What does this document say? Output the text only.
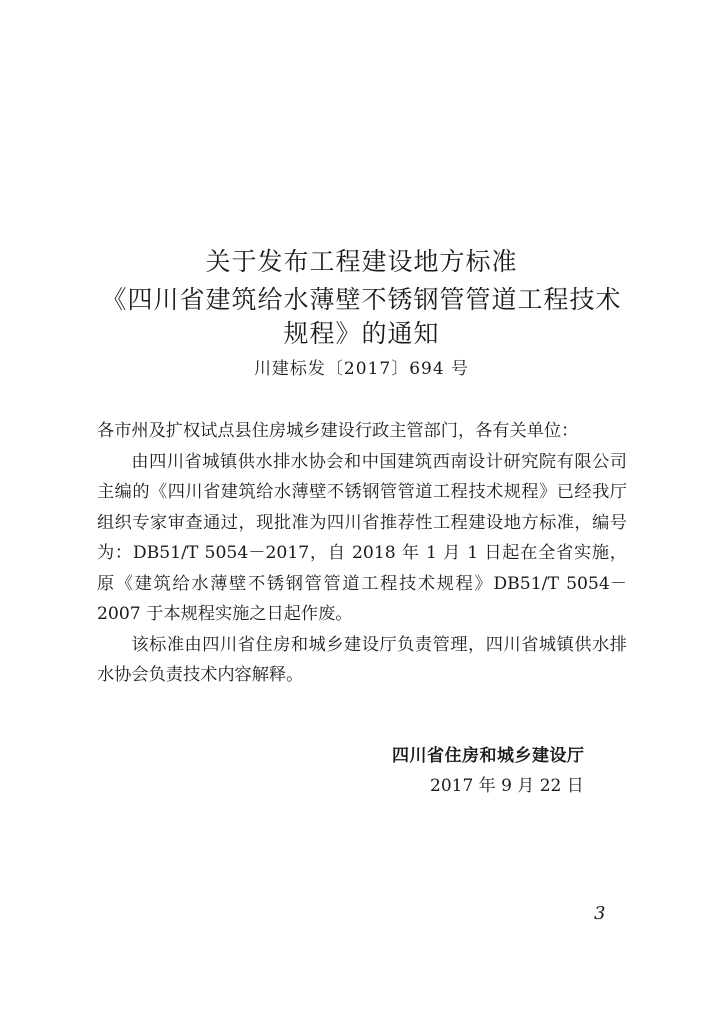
关于发布工程建设地方标准
《四川省建筑给水薄壁不锈钢管管道工程技术
规程》的通知
川建标发〔2017〕694 号

各市州及扩权试点县住房城乡建设行政主管部门，各有关单位：

由四川省城镇供水排水协会和中国建筑西南设计研究院有限公司主编的《四川省建筑给水薄壁不锈钢管管道工程技术规程》已经我厅组织专家审查通过，现批准为四川省推荐性工程建设地方标准，编号为：DB51/T 5054－2017，自 2018 年 1 月 1 日起在全省实施，原《建筑给水薄壁不锈钢管管道工程技术规程》DB51/T 5054－2007 于本规程实施之日起作废。

该标准由四川省住房和城乡建设厅负责管理，四川省城镇供水排水协会负责技术内容解释。

四川省住房和城乡建设厅
2017 年 9 月 22 日
3
